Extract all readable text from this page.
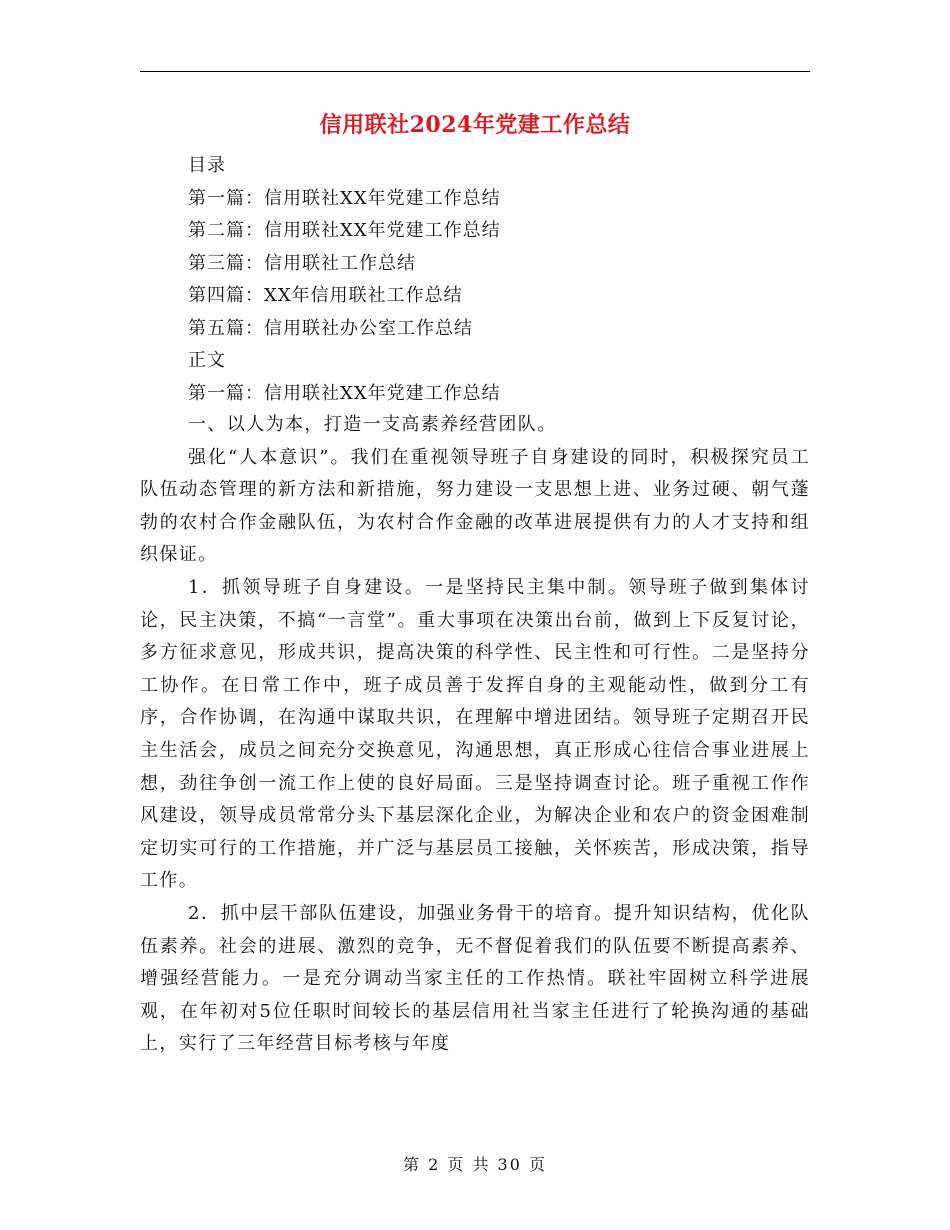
信用联社2024年党建工作总结
目录
第一篇：信用联社XX年党建工作总结
第二篇：信用联社XX年党建工作总结
第三篇：信用联社工作总结
第四篇：XX年信用联社工作总结
第五篇：信用联社办公室工作总结
正文
第一篇：信用联社XX年党建工作总结

一、以人为本，打造一支高素养经营团队。

强化“人本意识”。我们在重视领导班子自身建设的同时，积极探究员工队伍动态管理的新方法和新措施，努力建设一支思想上进、业务过硬、朝气蓬勃的农村合作金融队伍，为农村合作金融的改革进展提供有力的人才支持和组织保证。

1．抓领导班子自身建设。一是坚持民主集中制。领导班子做到集体讨论，民主决策，不搞“一言堂”。重大事项在决策出台前，做到上下反复讨论，多方征求意见，形成共识，提高决策的科学性、民主性和可行性。二是坚持分工协作。在日常工作中，班子成员善于发挥自身的主观能动性，做到分工有序，合作协调，在沟通中谋取共识，在理解中增进团结。领导班子定期召开民主生活会，成员之间充分交换意见，沟通思想，真正形成心往信合事业进展上想，劲往争创一流工作上使的良好局面。三是坚持调查讨论。班子重视工作作风建设，领导成员常常分头下基层深化企业，为解决企业和农户的资金困难制定切实可行的工作措施，并广泛与基层员工接触，关怀疾苦，形成决策，指导工作。

2．抓中层干部队伍建设，加强业务骨干的培育。提升知识结构，优化队伍素养。社会的进展、激烈的竞争，无不督促着我们的队伍要不断提高素养、增强经营能力。一是充分调动当家主任的工作热情。联社牢固树立科学进展观，在年初对5位任职时间较长的基层信用社当家主任进行了轮换沟通的基础上，实行了三年经营目标考核与年度

第 2 页 共 30 页
